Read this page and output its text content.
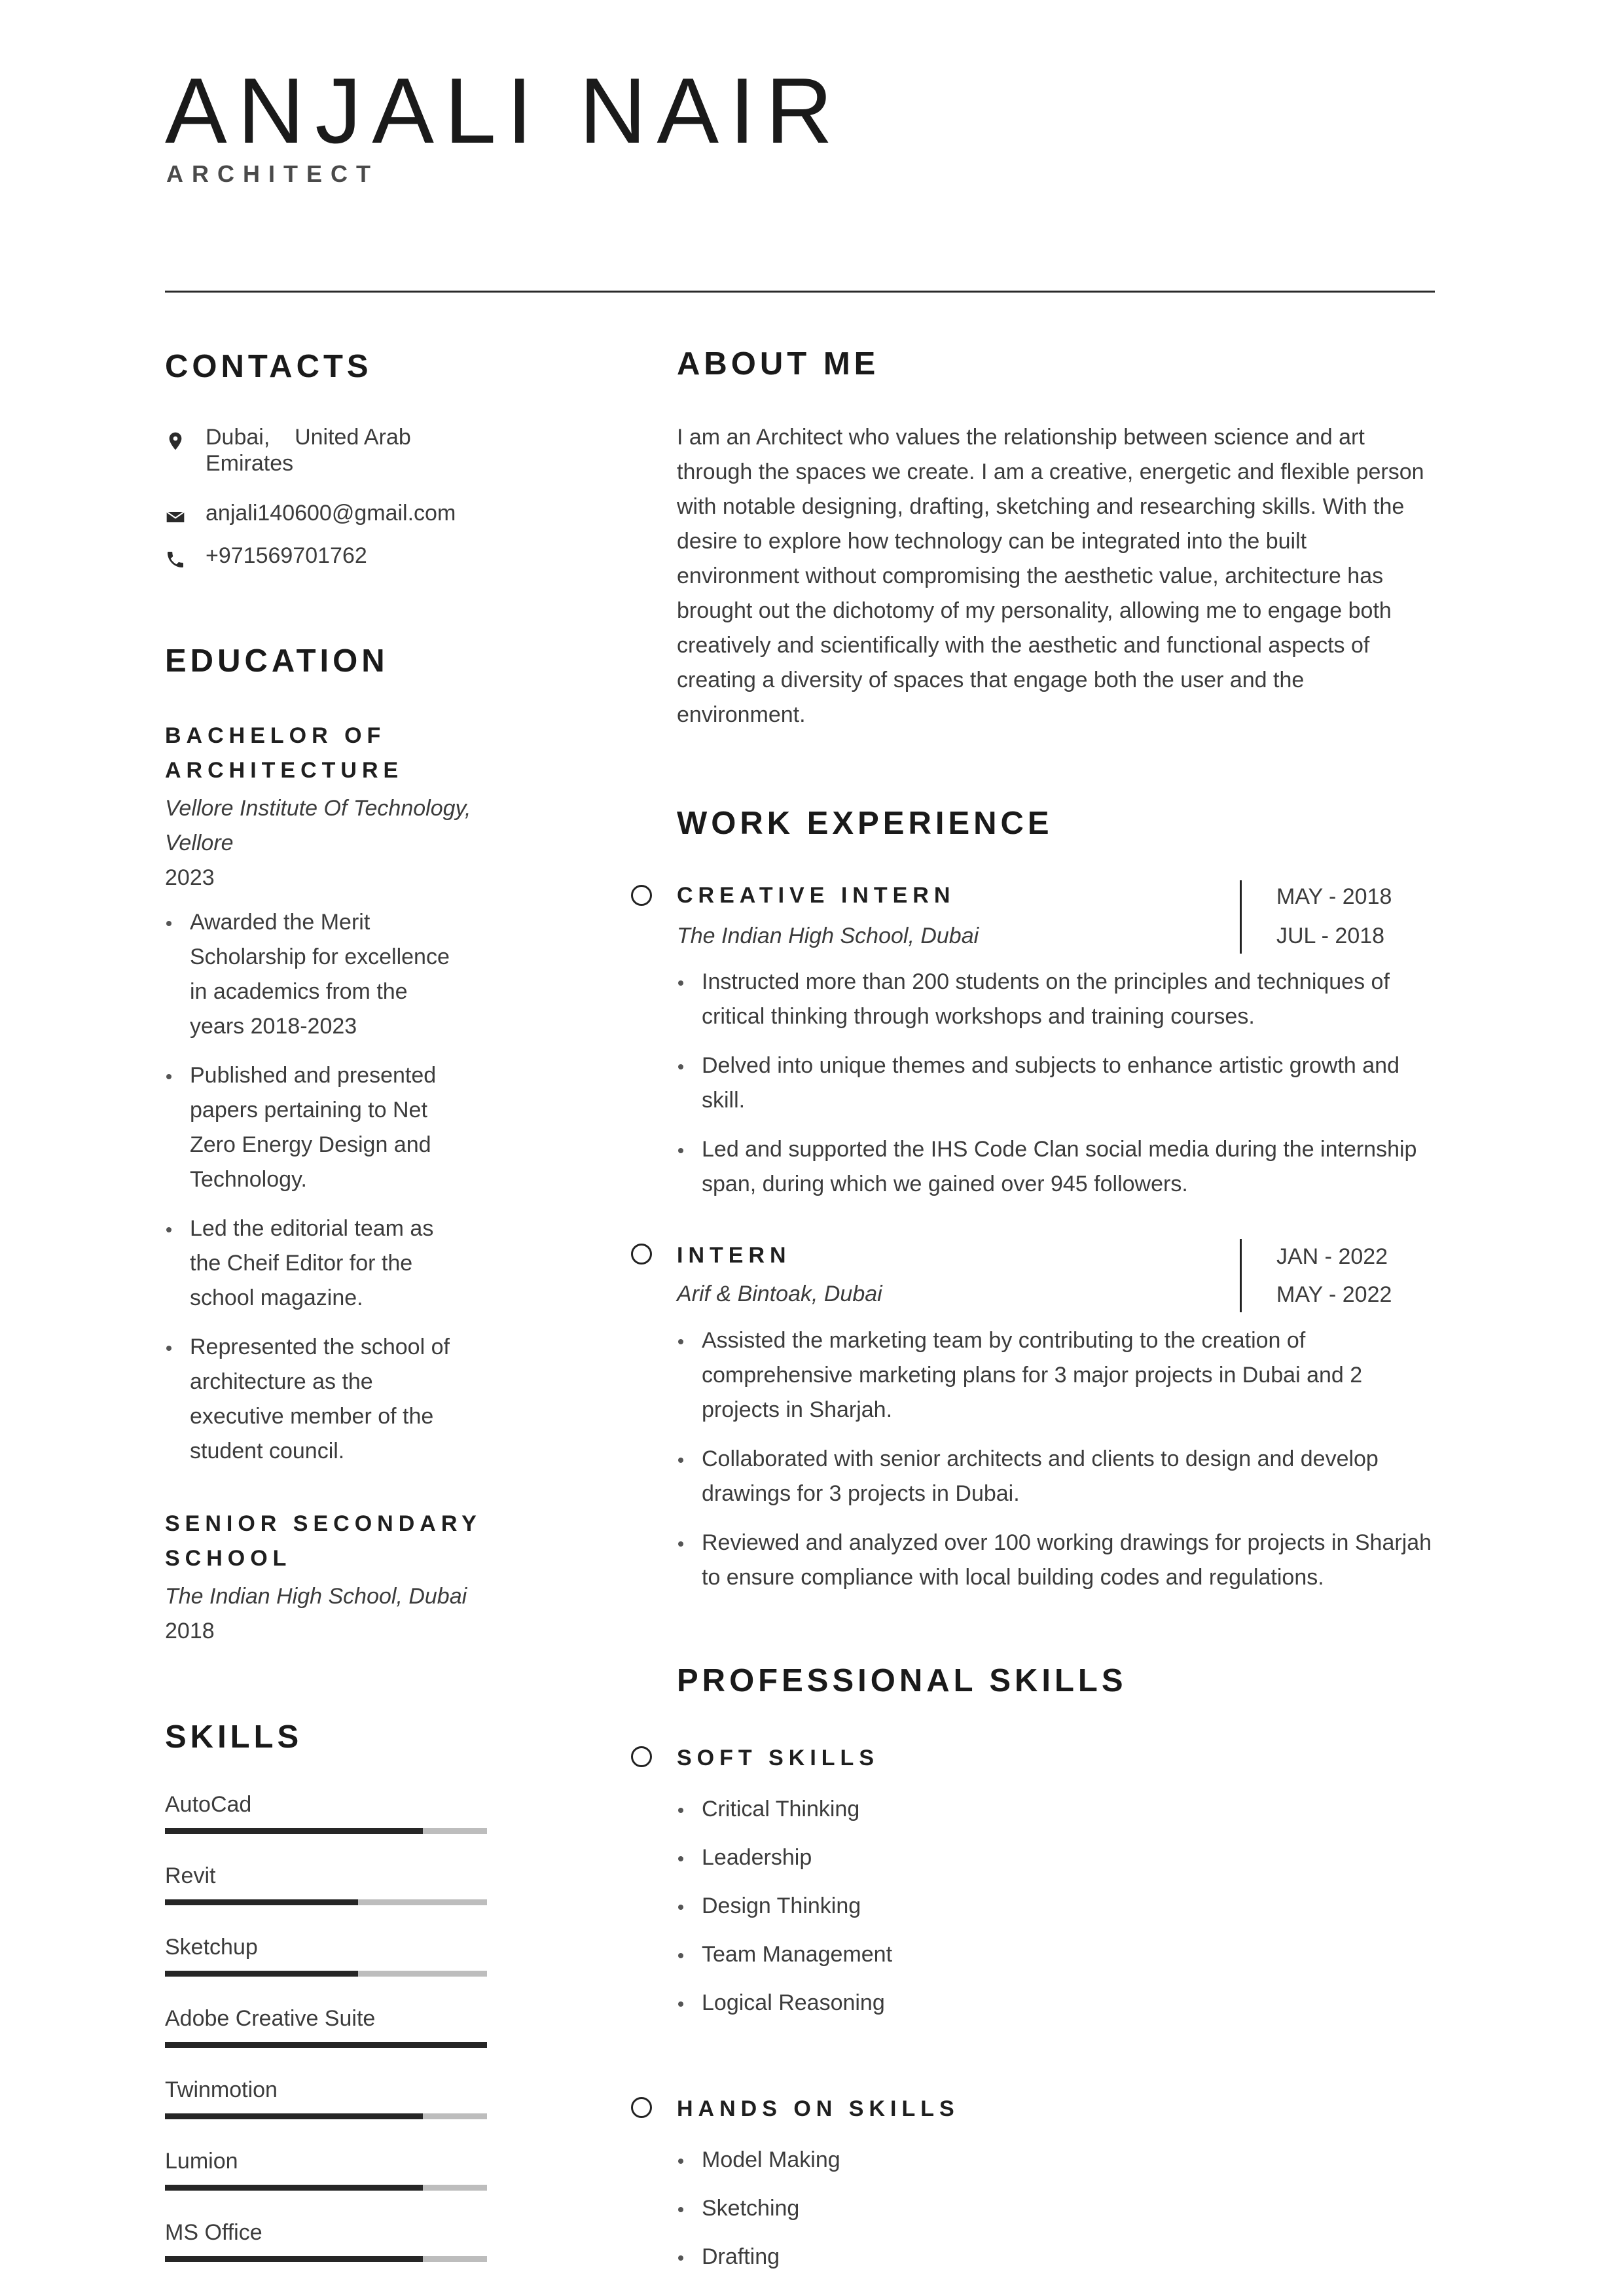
ANJALI NAIR
ARCHITECT
CONTACTS
Dubai,    United Arab
Emirates
anjali140600@gmail.com
+971569701762
EDUCATION
BACHELOR OF
ARCHITECTURE
Vellore Institute Of Technology,
Vellore
2023
Awarded the Merit
Scholarship for excellence
in academics from the
years 2018-2023
Published and presented
papers pertaining to Net
Zero Energy Design and
Technology.
Led the editorial team as
the Cheif Editor for the
school magazine.
Represented the school of
architecture as the
executive member of the
student council.
SENIOR SECONDARY
SCHOOL
The Indian High School, Dubai
2018
SKILLS
AutoCad
Revit
Sketchup
Adobe Creative Suite
Twinmotion
Lumion
MS Office
ABOUT ME
I am an Architect who values the relationship between science and art
through the spaces we create. I am a creative, energetic and flexible person
with notable designing, drafting, sketching and researching skills. With the
desire to explore how technology can be integrated into the built
environment without compromising the aesthetic value, architecture has
brought out the dichotomy of my personality, allowing me to engage both
creatively and scientifically with the aesthetic and functional aspects of
creating a diversity of spaces that engage both the user and the
environment.
WORK EXPERIENCE
CREATIVE INTERN
The Indian High School, Dubai
MAY - 2018
JUL - 2018
Instructed more than 200 students on the principles and techniques of
critical thinking through workshops and training courses.
Delved into unique themes and subjects to enhance artistic growth and
skill.
Led and supported the IHS Code Clan social media during the internship
span, during which we gained over 945 followers.
INTERN
Arif & Bintoak, Dubai
JAN - 2022
MAY - 2022
Assisted the marketing team by contributing to the creation of
comprehensive marketing plans for 3 major projects in Dubai and 2
projects in Sharjah.
Collaborated with senior architects and clients to design and develop
drawings for 3 projects in Dubai.
Reviewed and analyzed over 100 working drawings for projects in Sharjah
to ensure compliance with local building codes and regulations.
PROFESSIONAL SKILLS
SOFT SKILLS
Critical Thinking
Leadership
Design Thinking
Team Management
Logical Reasoning
HANDS ON SKILLS
Model Making
Sketching
Drafting
